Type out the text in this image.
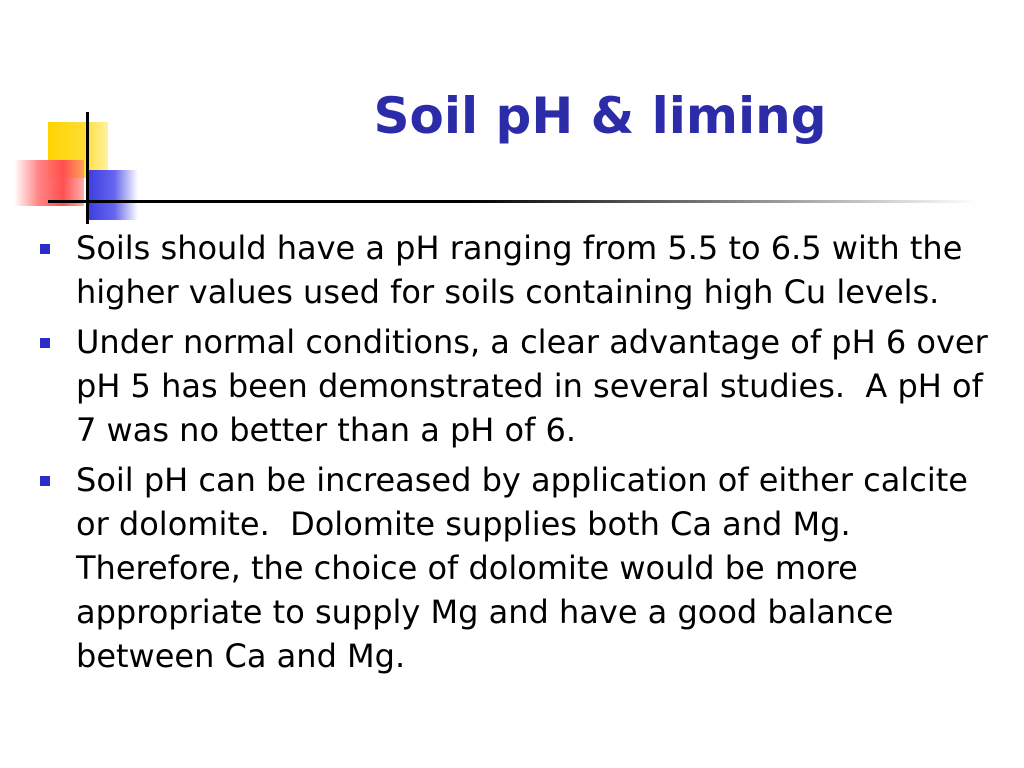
Soil pH & liming
Soils should have a pH ranging from 5.5 to 6.5 with the higher values used for soils containing high Cu levels.
Under normal conditions, a clear advantage of pH 6 over pH 5 has been demonstrated in several studies.  A pH of 7 was no better than a pH of 6.
Soil pH can be increased by application of either calcite or dolomite.  Dolomite supplies both Ca and Mg.  Therefore, the choice of dolomite would be more appropriate to supply Mg and have a good balance between Ca and Mg.
